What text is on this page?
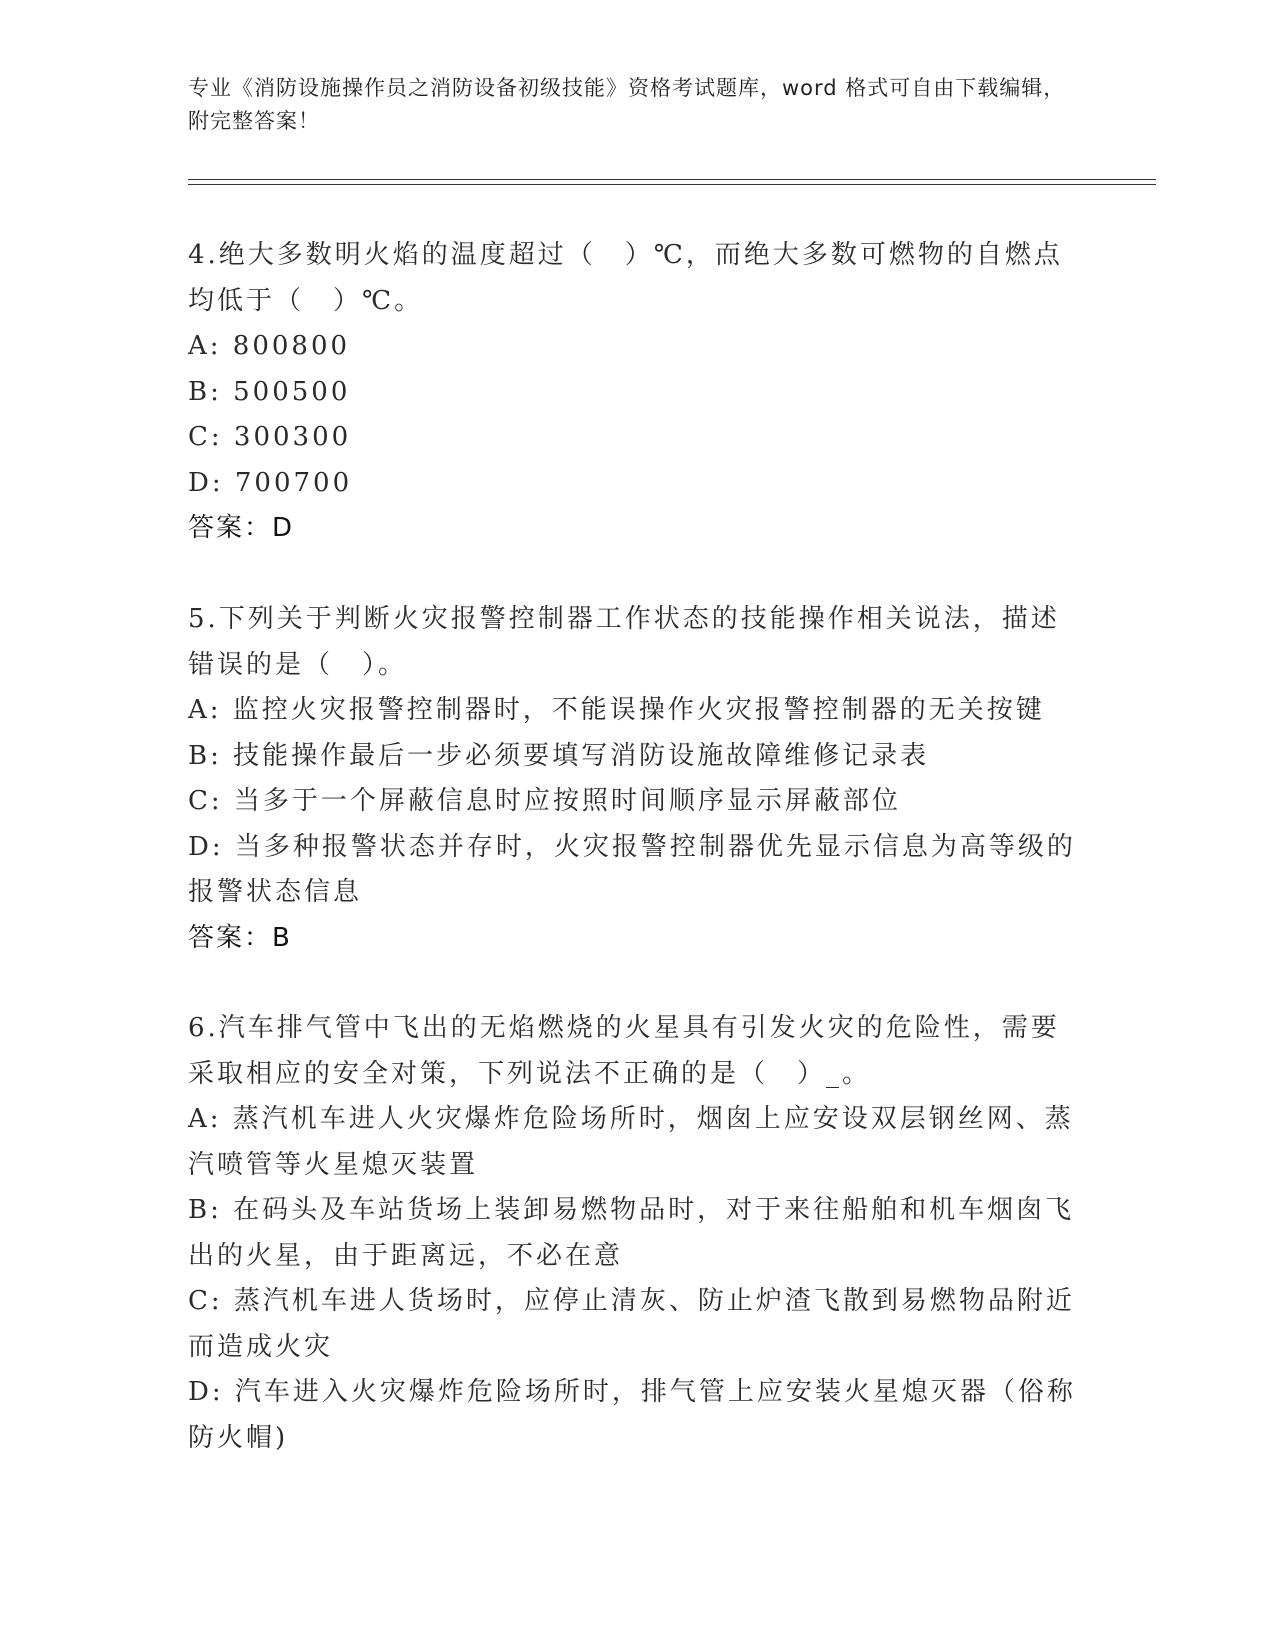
专业《消防设施操作员之消防设备初级技能》资格考试题库，word 格式可自由下载编辑，附完整答案！
4.绝大多数明火焰的温度超过（　）℃，而绝大多数可燃物的自燃点均低于（　）℃。
A: 800800
B: 500500
C: 300300
D: 700700
答案：D
5.下列关于判断火灾报警控制器工作状态的技能操作相关说法，描述错误的是（　）。
A: 监控火灾报警控制器时，不能误操作火灾报警控制器的无关按键
B: 技能操作最后一步必须要填写消防设施故障维修记录表
C: 当多于一个屏蔽信息时应按照时间顺序显示屏蔽部位
D: 当多种报警状态并存时，火灾报警控制器优先显示信息为高等级的报警状态信息
答案：B
6.汽车排气管中飞出的无焰燃烧的火星具有引发火灾的危险性，需要采取相应的安全对策，下列说法不正确的是（　）_。
A: 蒸汽机车进人火灾爆炸危险场所时，烟囱上应安设双层钢丝网、蒸汽喷管等火星熄灭装置
B: 在码头及车站货场上装卸易燃物品时，对于来往船舶和机车烟囱飞出的火星，由于距离远，不必在意
C: 蒸汽机车进人货场时，应停止清灰、防止炉渣飞散到易燃物品附近而造成火灾
D: 汽车进入火灾爆炸危险场所时，排气管上应安装火星熄灭器（俗称防火帽)
